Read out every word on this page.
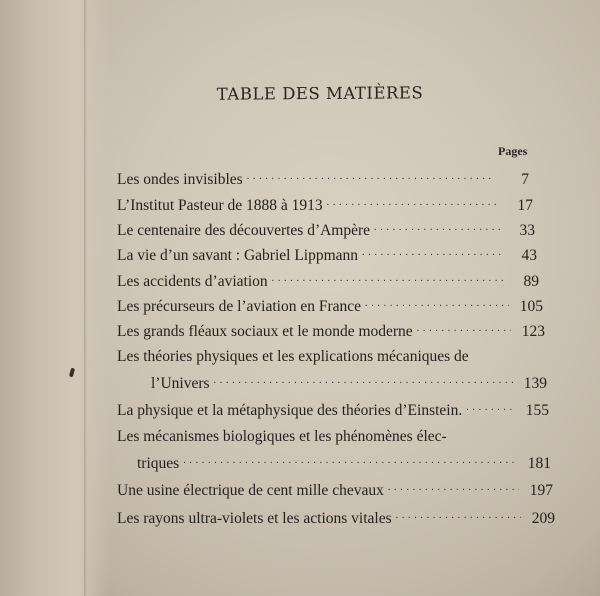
TABLE DES MATIÈRES
Pages
Les ondes invisibles . . .	7
L’Institut Pasteur de 1888 à 1913 . . .	17
Le centenaire des découvertes d’Ampère . . .	33
La vie d’un savant : Gabriel Lippmann . . .	43
Les accidents d’aviation . . .	89
Les précurseurs de l’aviation en France . . .	105
Les grands fléaux sociaux et le monde moderne . . .	123
Les théories physiques et les explications mécaniques de
l’Univers . . .	139
La physique et la métaphysique des théories d’Einstein. . . .	155
Les mécanismes biologiques et les phénomènes élec-
triques . . .	181
Une usine électrique de cent mille chevaux . . .	197
Les rayons ultra-violets et les actions vitales . . .	209
